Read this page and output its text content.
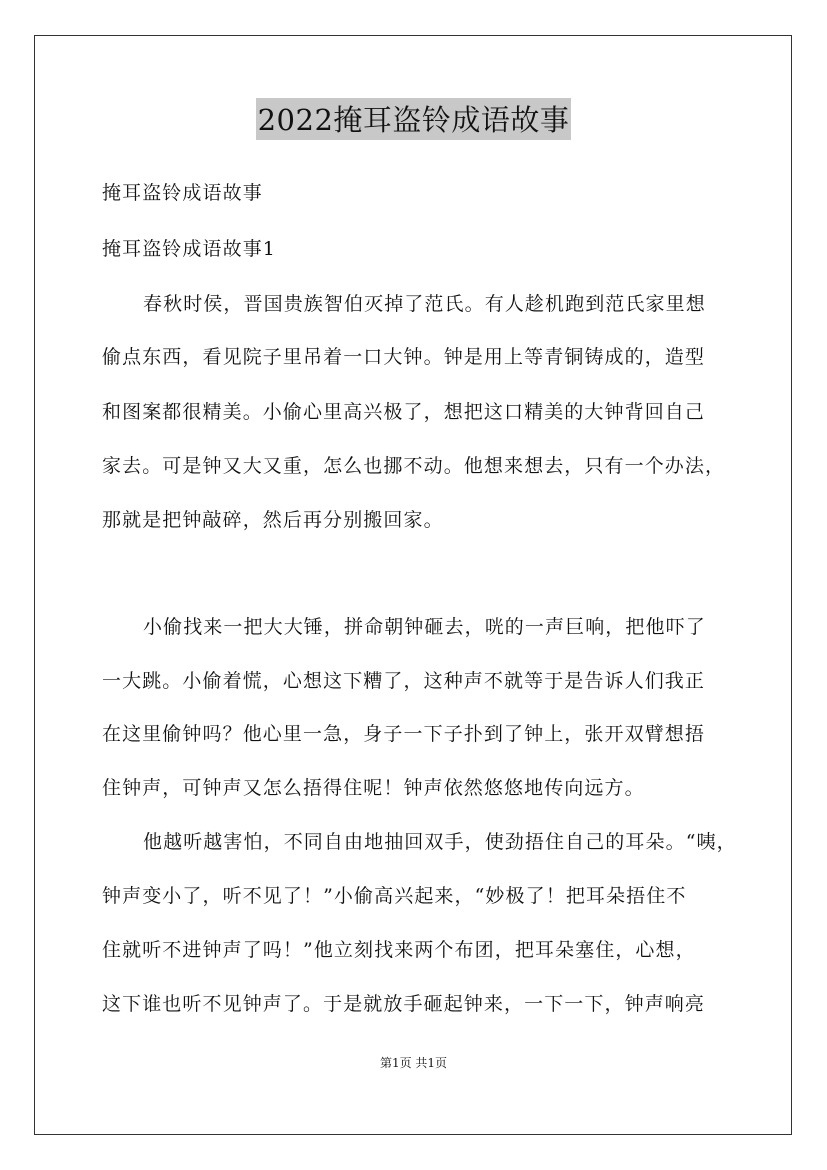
2022掩耳盗铃成语故事
掩耳盗铃成语故事
掩耳盗铃成语故事1
春秋时侯，晋国贵族智伯灭掉了范氏。有人趁机跑到范氏家里想
偷点东西，看见院子里吊着一口大钟。钟是用上等青铜铸成的，造型
和图案都很精美。小偷心里高兴极了，想把这口精美的大钟背回自己
家去。可是钟又大又重，怎么也挪不动。他想来想去，只有一个办法，
那就是把钟敲碎，然后再分别搬回家。
小偷找来一把大大锤，拼命朝钟砸去，咣的一声巨响，把他吓了
一大跳。小偷着慌，心想这下糟了，这种声不就等于是告诉人们我正
在这里偷钟吗？他心里一急，身子一下子扑到了钟上，张开双臂想捂
住钟声，可钟声又怎么捂得住呢！钟声依然悠悠地传向远方。
他越听越害怕，不同自由地抽回双手，使劲捂住自己的耳朵。“咦，
钟声变小了，听不见了！”小偷高兴起来，“妙极了！把耳朵捂住不
住就听不进钟声了吗！”他立刻找来两个布团，把耳朵塞住，心想，
这下谁也听不见钟声了。于是就放手砸起钟来，一下一下，钟声响亮
第1页 共1页
